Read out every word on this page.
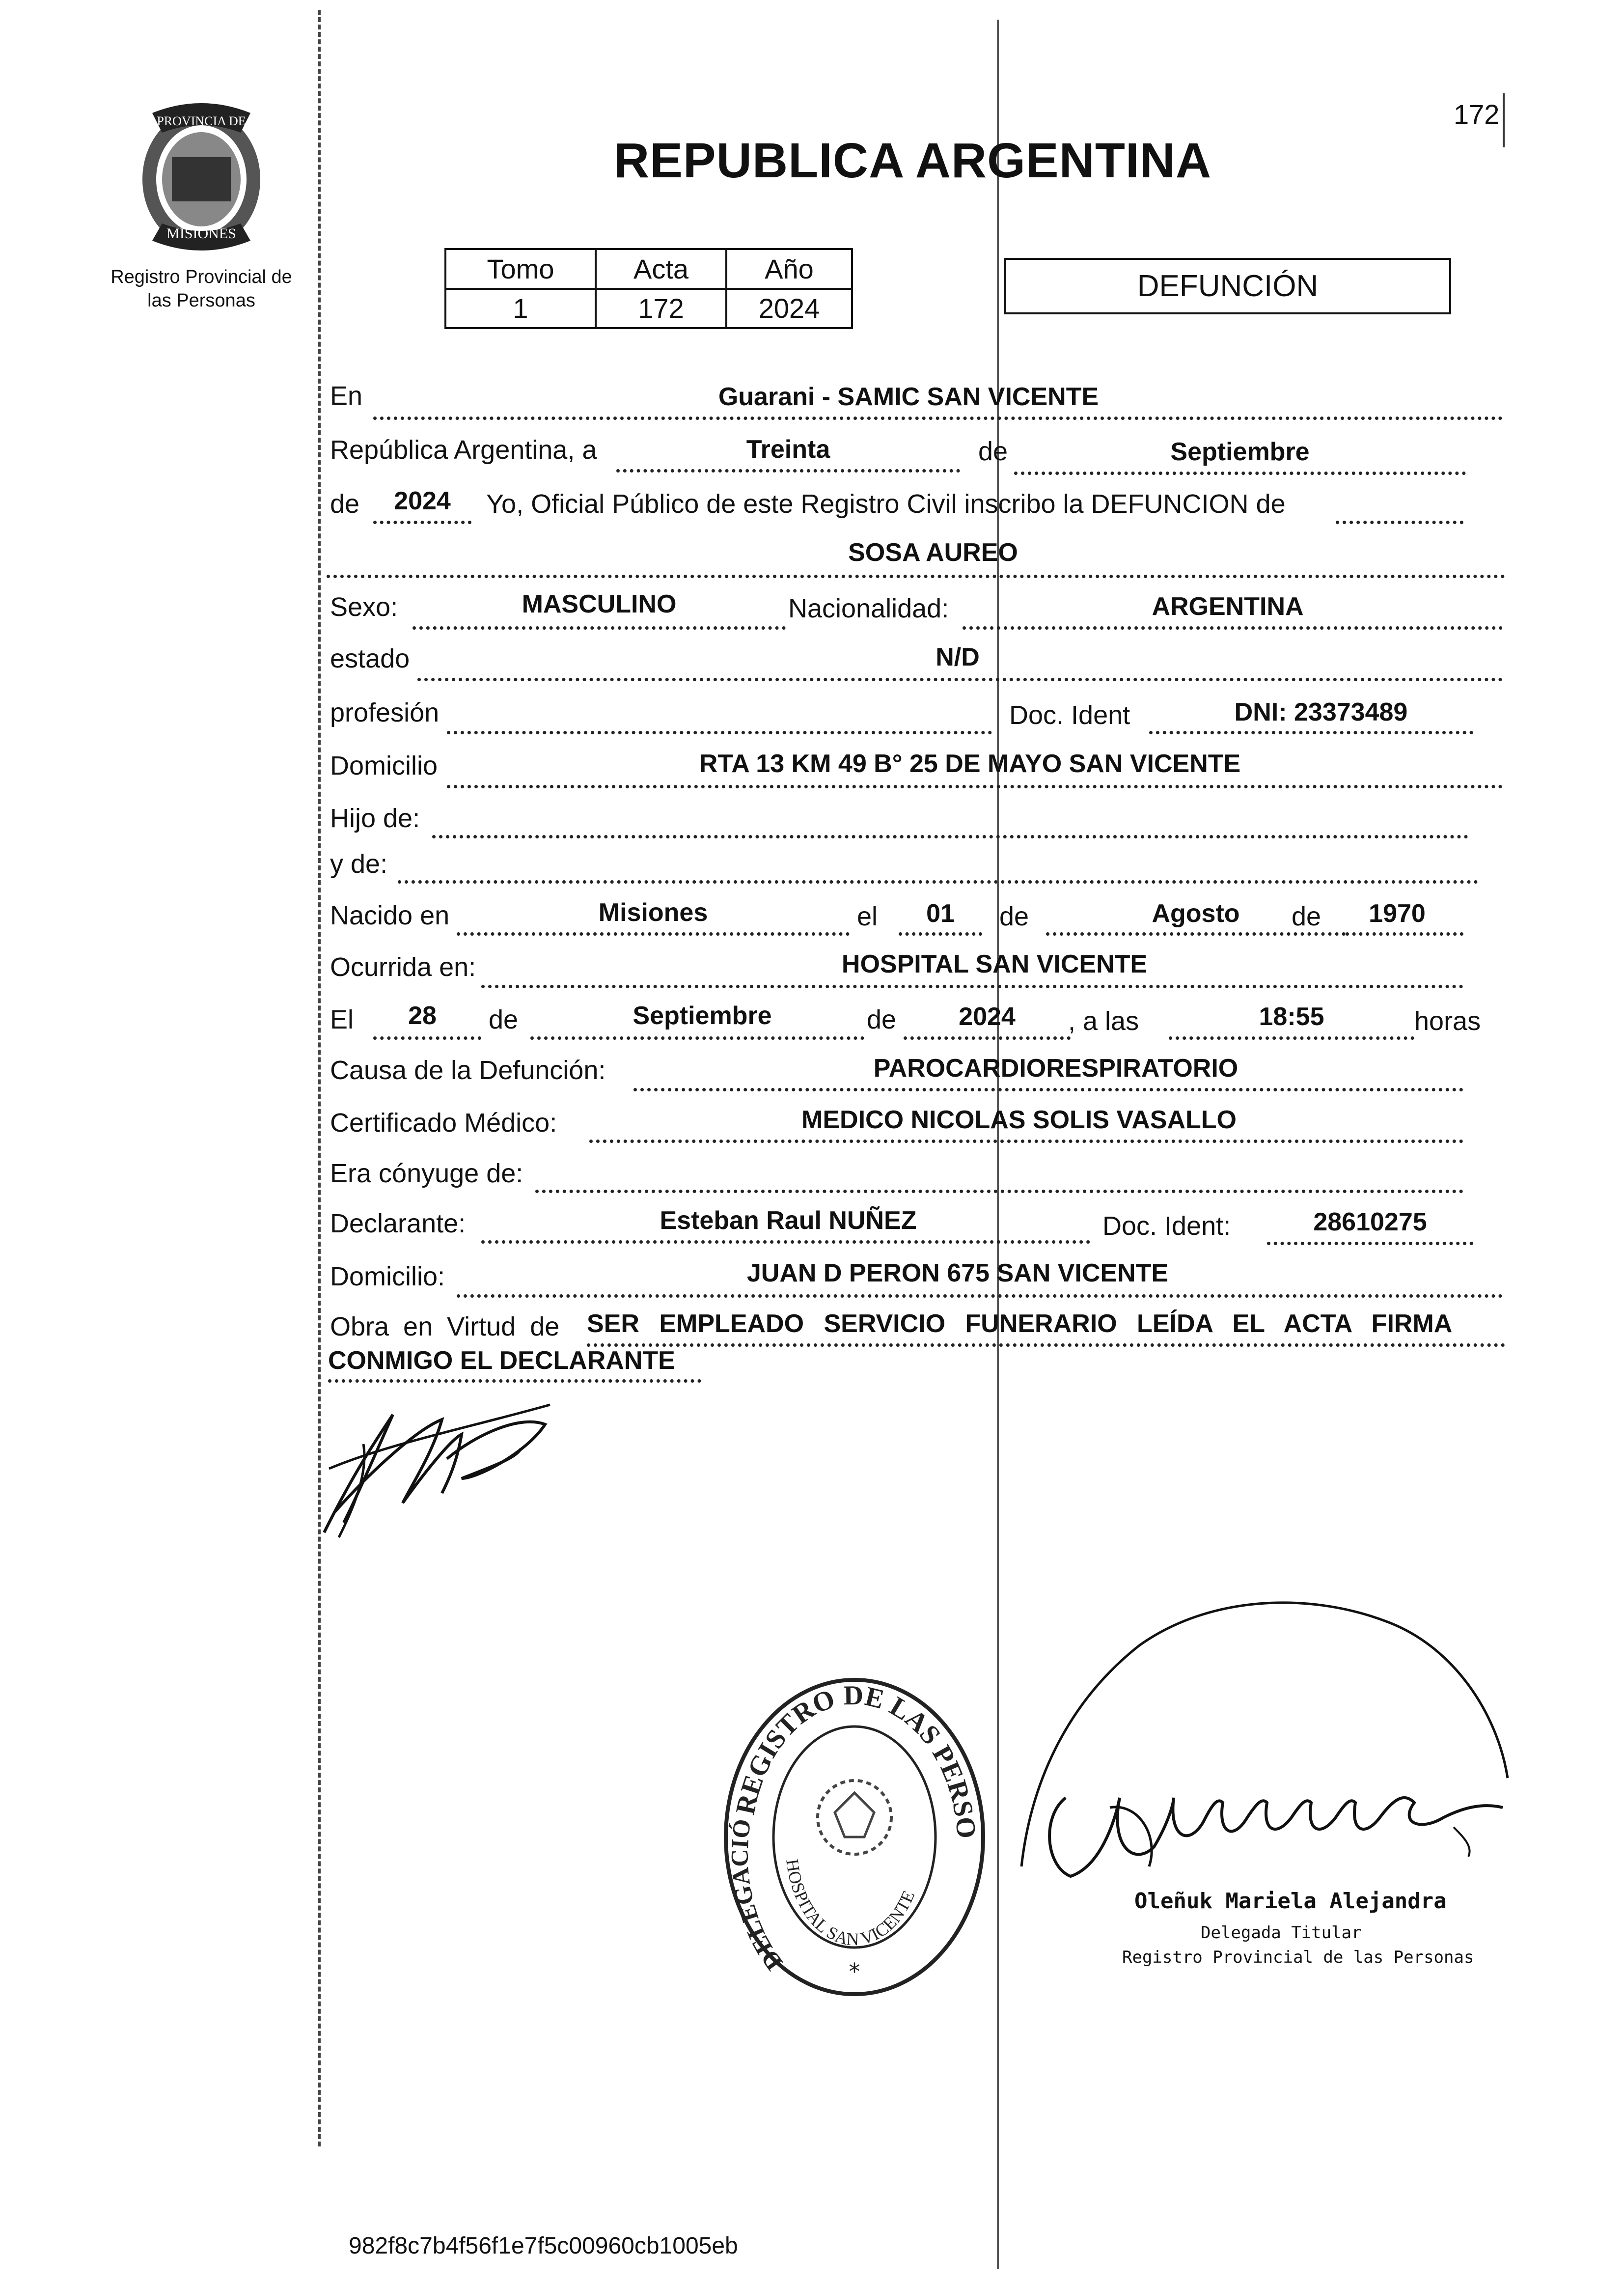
172
PROVINCIA DE
MISIONES
Registro Provincial de
las Personas
REPUBLICA ARGENTINA
Tomo	Acta	Año
1	172	2024
DEFUNCIÓN
En	Guarani - SAMIC SAN VICENTE
República Argentina, a	Treinta	de	Septiembre
de	2024	Yo, Oficial Público de este Registro Civil inscribo la DEFUNCION de
SOSA AUREO
Sexo:	MASCULINO	Nacionalidad:	ARGENTINA
estado	N/D
profesión	Doc. Ident	DNI: 23373489
Domicilio	RTA 13 KM 49 B° 25 DE MAYO SAN VICENTE
Hijo de:
y de:
Nacido en	Misiones	el	01	de	Agosto	de	1970
Ocurrida en:	HOSPITAL SAN VICENTE
El	28	de	Septiembre	de	2024	, a las	18:55	horas
Causa de la Defunción:	PAROCARDIORESPIRATORIO
Certificado Médico:	MEDICO NICOLAS SOLIS VASALLO
Era cónyuge de:
Declarante:	Esteban Raul NUÑEZ	Doc. Ident:	28610275
Domicilio:	JUAN D PERON 675 SAN VICENTE
Obra en Virtud de SER EMPLEADO SERVICIO FUNERARIO LEÍDA EL ACTA FIRMA
CONMIGO EL DECLARANTE
REGISTRO DE LAS PERSO
DELEGACIÓ
HOSPITAL SAN VICENTE
*
Oleñuk Mariela Alejandra
Delegada Titular
Registro Provincial de las Personas
982f8c7b4f56f1e7f5c00960cb1005eb
